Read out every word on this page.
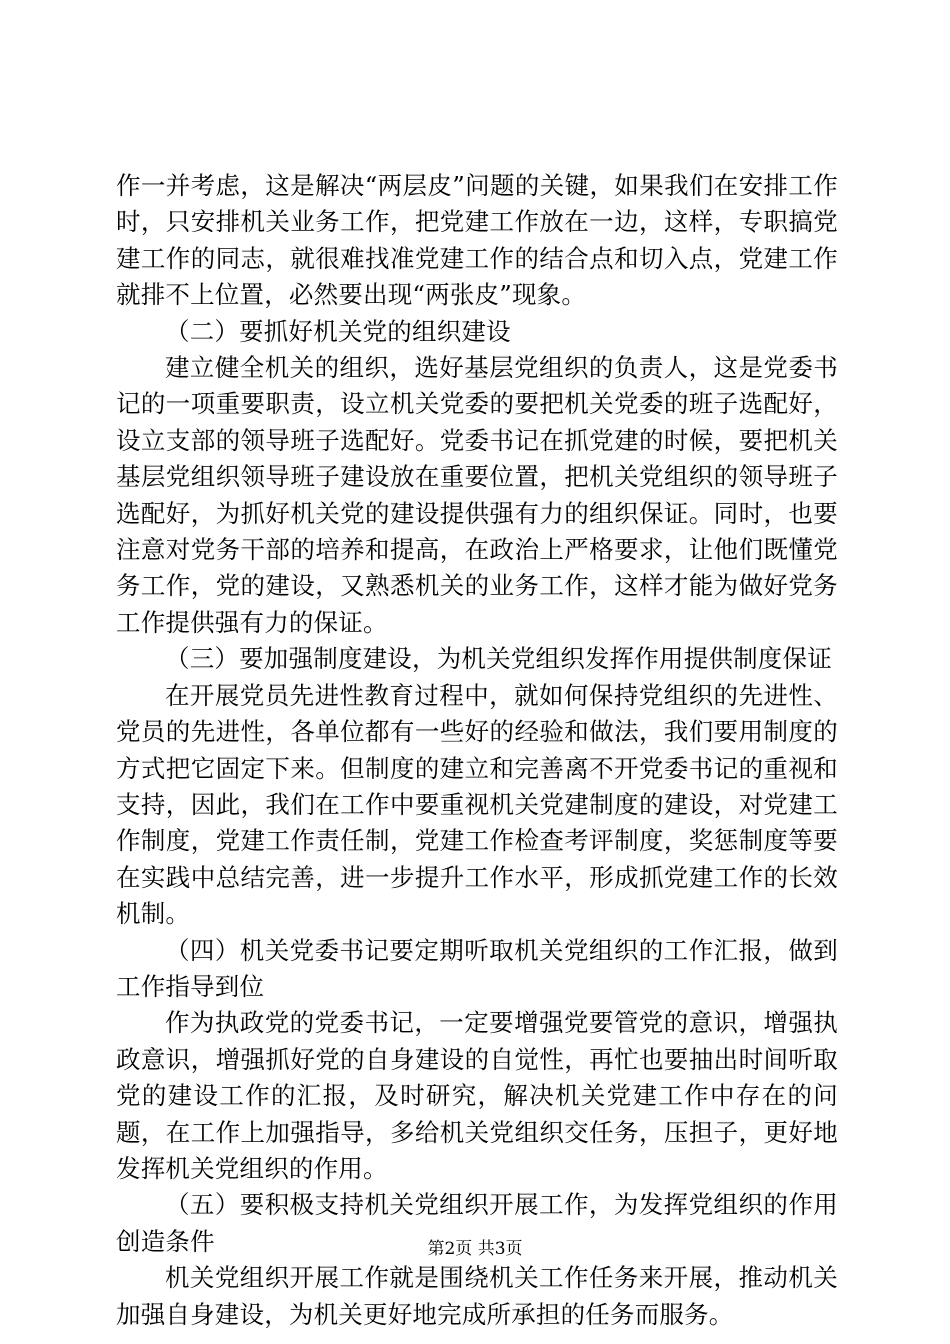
作一并考虑，这是解决“两层皮”问题的关键，如果我们在安排工作时，只安排机关业务工作，把党建工作放在一边，这样，专职搞党建工作的同志，就很难找准党建工作的结合点和切入点，党建工作就排不上位置，必然要出现“两张皮”现象。

（二）要抓好机关党的组织建设

建立健全机关的组织，选好基层党组织的负责人，这是党委书记的一项重要职责，设立机关党委的要把机关党委的班子选配好，设立支部的领导班子选配好。党委书记在抓党建的时候，要把机关基层党组织领导班子建设放在重要位置，把机关党组织的领导班子选配好，为抓好机关党的建设提供强有力的组织保证。同时，也要注意对党务干部的培养和提高，在政治上严格要求，让他们既懂党务工作，党的建设，又熟悉机关的业务工作，这样才能为做好党务工作提供强有力的保证。

（三）要加强制度建设，为机关党组织发挥作用提供制度保证

在开展党员先进性教育过程中，就如何保持党组织的先进性、党员的先进性，各单位都有一些好的经验和做法，我们要用制度的方式把它固定下来。但制度的建立和完善离不开党委书记的重视和支持，因此，我们在工作中要重视机关党建制度的建设，对党建工作制度，党建工作责任制，党建工作检查考评制度，奖惩制度等要在实践中总结完善，进一步提升工作水平，形成抓党建工作的长效机制。

（四）机关党委书记要定期听取机关党组织的工作汇报，做到工作指导到位

作为执政党的党委书记，一定要增强党要管党的意识，增强执政意识，增强抓好党的自身建设的自觉性，再忙也要抽出时间听取党的建设工作的汇报，及时研究，解决机关党建工作中存在的问题，在工作上加强指导，多给机关党组织交任务，压担子，更好地发挥机关党组织的作用。

（五）要积极支持机关党组织开展工作，为发挥党组织的作用创造条件

机关党组织开展工作就是围绕机关工作任务来开展，推动机关加强自身建设，为机关更好地完成所承担的任务而服务。

第2页 共3页
